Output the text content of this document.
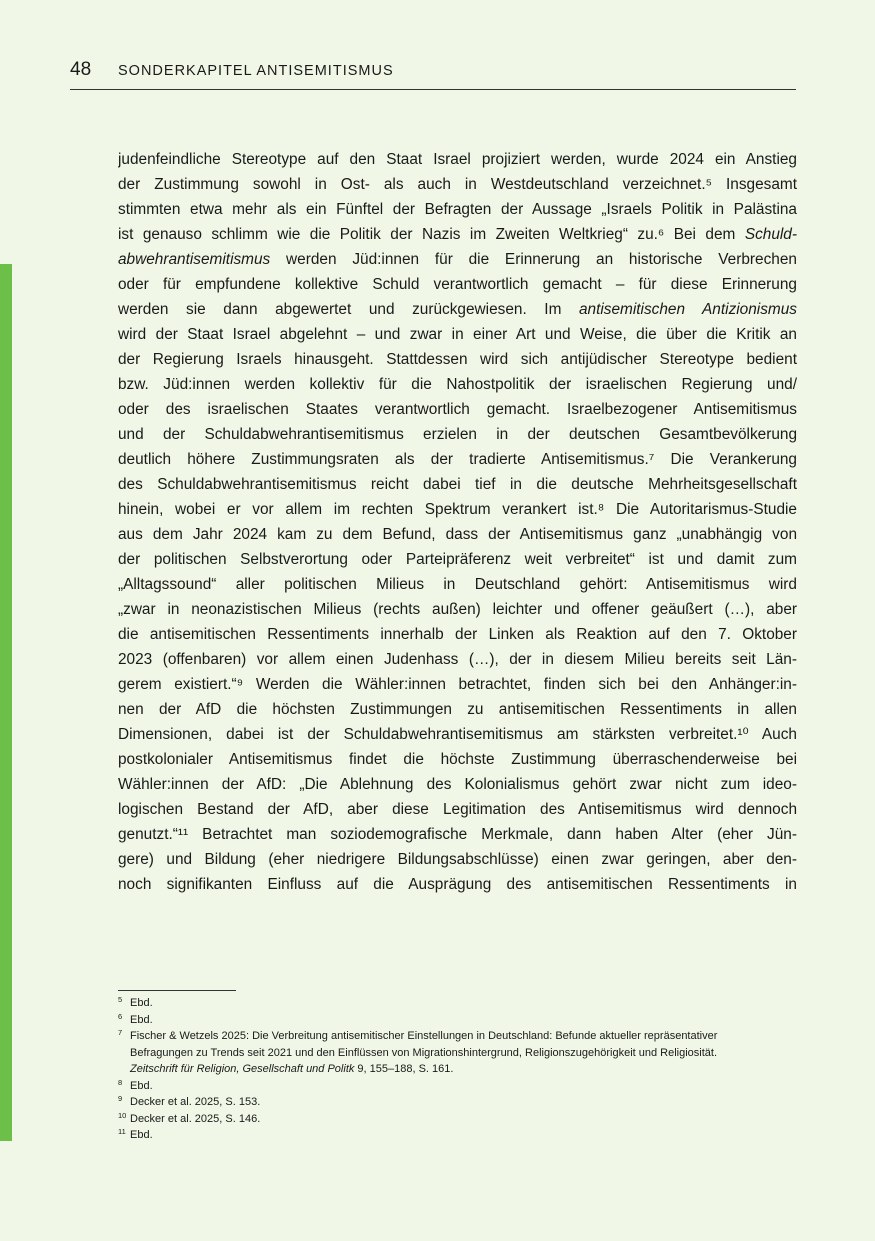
48 SONDERKAPITEL ANTISEMITISMUS
judenfeindliche Stereotype auf den Staat Israel projiziert werden, wurde 2024 ein Anstieg
der Zustimmung sowohl in Ost- als auch in Westdeutschland verzeichnet.⁵ Insgesamt
stimmten etwa mehr als ein Fünftel der Befragten der Aussage „Israels Politik in Palästina
ist genauso schlimm wie die Politik der Nazis im Zweiten Weltkrieg“ zu.⁶ Bei dem Schuld-
abwehrantisemitismus werden Jüd:innen für die Erinnerung an historische Verbrechen
oder für empfundene kollektive Schuld verantwortlich gemacht – für diese Erinnerung
werden sie dann abgewertet und zurückgewiesen. Im antisemitischen Antizionismus
wird der Staat Israel abgelehnt – und zwar in einer Art und Weise, die über die Kritik an
der Regierung Israels hinausgeht. Stattdessen wird sich antijüdischer Stereotype bedient
bzw. Jüd:innen werden kollektiv für die Nahostpolitik der israelischen Regierung und/
oder des israelischen Staates verantwortlich gemacht. Israelbezogener Antisemitismus
und der Schuldabwehrantisemitismus erzielen in der deutschen Gesamtbevölkerung
deutlich höhere Zustimmungsraten als der tradierte Antisemitismus.⁷ Die Verankerung
des Schuldabwehrantisemitismus reicht dabei tief in die deutsche Mehrheitsgesellschaft
hinein, wobei er vor allem im rechten Spektrum verankert ist.⁸ Die Autoritarismus-Studie
aus dem Jahr 2024 kam zu dem Befund, dass der Antisemitismus ganz „unabhängig von
der politischen Selbstverortung oder Parteipräferenz weit verbreitet“ ist und damit zum
„Alltagssound“ aller politischen Milieus in Deutschland gehört: Antisemitismus wird
„zwar in neonazistischen Milieus (rechts außen) leichter und offener geäußert (…), aber
die antisemitischen Ressentiments innerhalb der Linken als Reaktion auf den 7. Oktober
2023 (offenbaren) vor allem einen Judenhass (…), der in diesem Milieu bereits seit Län-
gerem existiert.“⁹ Werden die Wähler:innen betrachtet, finden sich bei den Anhänger:in-
nen der AfD die höchsten Zustimmungen zu antisemitischen Ressentiments in allen
Dimensionen, dabei ist der Schuldabwehrantisemitismus am stärksten verbreitet.¹⁰ Auch
postkolonialer Antisemitismus findet die höchste Zustimmung überraschenderweise bei
Wähler:innen der AfD: „Die Ablehnung des Kolonialismus gehört zwar nicht zum ideo-
logischen Bestand der AfD, aber diese Legitimation des Antisemitismus wird dennoch
genutzt.“¹¹ Betrachtet man soziodemografische Merkmale, dann haben Alter (eher Jün-
gere) und Bildung (eher niedrigere Bildungsabschlüsse) einen zwar geringen, aber den-
noch signifikanten Einfluss auf die Ausprägung des antisemitischen Ressentiments in
5 Ebd.
6 Ebd.
7 Fischer & Wetzels 2025: Die Verbreitung antisemitischer Einstellungen in Deutschland: Befunde aktueller repräsentativer
Befragungen zu Trends seit 2021 und den Einflüssen von Migrationshintergrund, Religionszugehörigkeit und Religiosität.
Zeitschrift für Religion, Gesellschaft und Politk 9, 155–188, S. 161.
8 Ebd.
9 Decker et al. 2025, S. 153.
10 Decker et al. 2025, S. 146.
11 Ebd.
